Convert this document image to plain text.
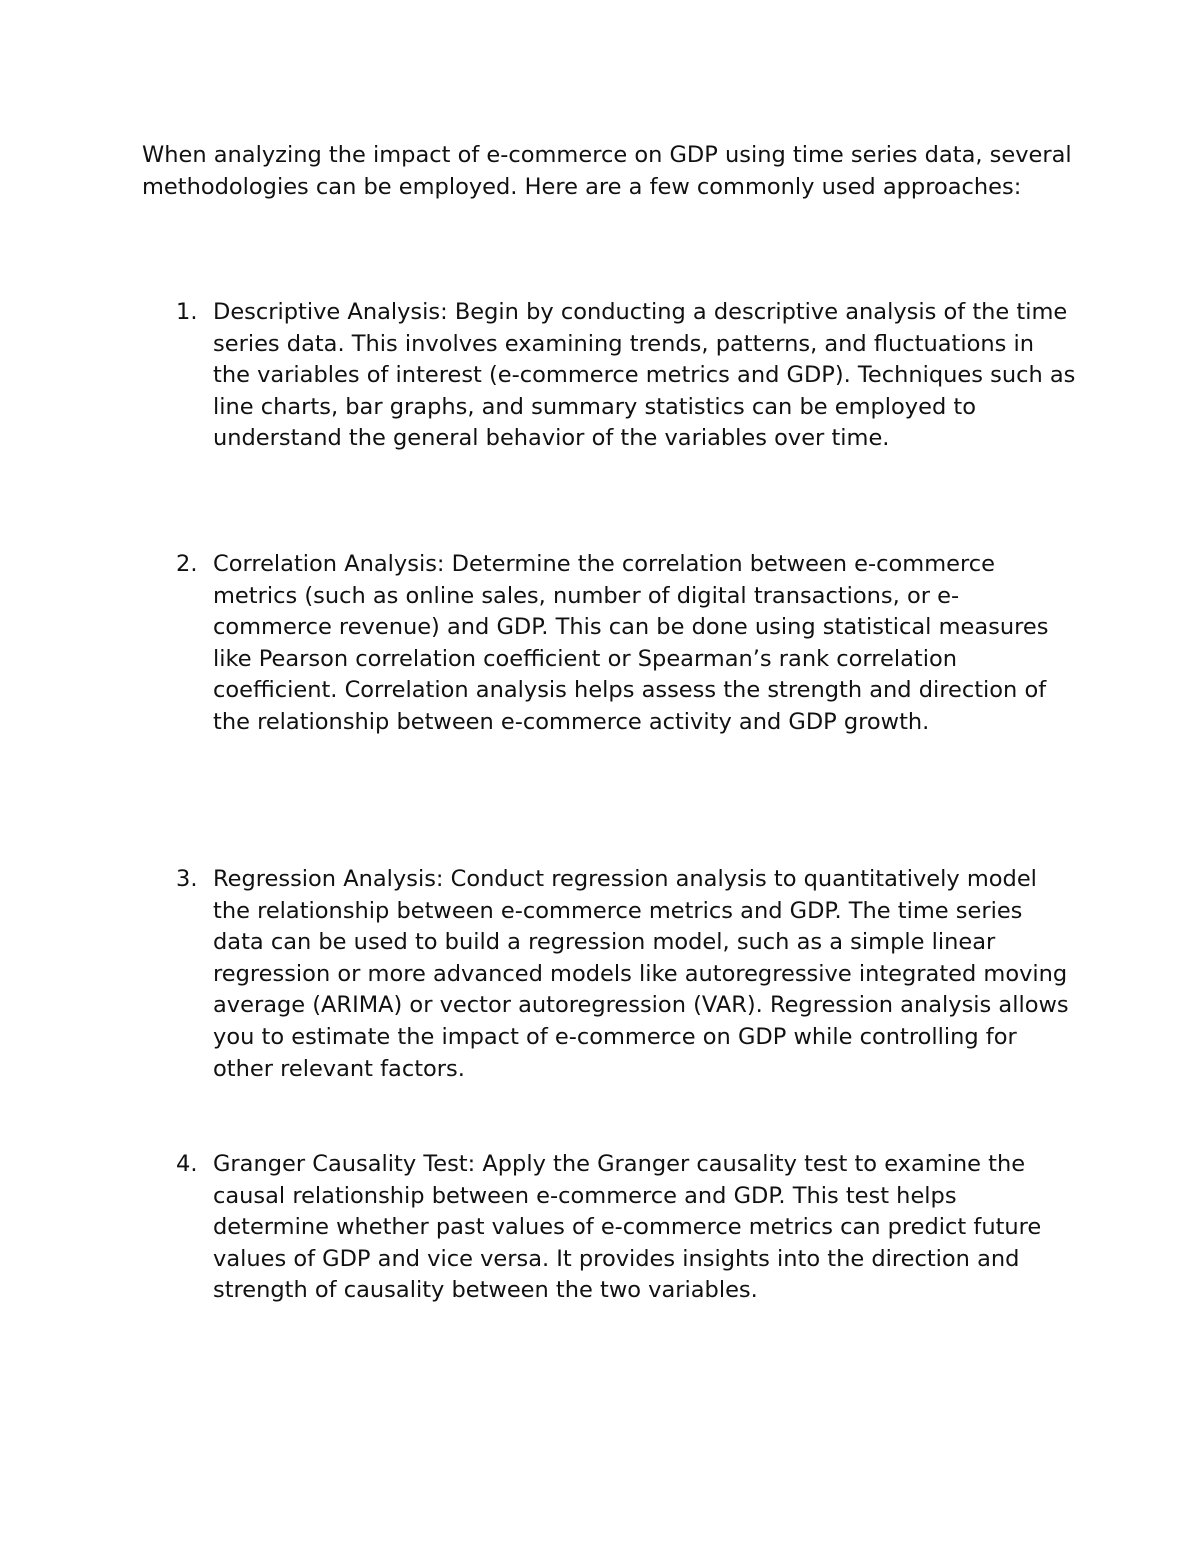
When analyzing the impact of e-commerce on GDP using time series data, several methodologies can be employed. Here are a few commonly used approaches:

1. Descriptive Analysis: Begin by conducting a descriptive analysis of the time series data. This involves examining trends, patterns, and fluctuations in the variables of interest (e-commerce metrics and GDP). Techniques such as line charts, bar graphs, and summary statistics can be employed to understand the general behavior of the variables over time.
2. Correlation Analysis: Determine the correlation between e-commerce metrics (such as online sales, number of digital transactions, or e-commerce revenue) and GDP. This can be done using statistical measures like Pearson correlation coefficient or Spearman’s rank correlation coefficient. Correlation analysis helps assess the strength and direction of the relationship between e-commerce activity and GDP growth.
3. Regression Analysis: Conduct regression analysis to quantitatively model the relationship between e-commerce metrics and GDP. The time series data can be used to build a regression model, such as a simple linear regression or more advanced models like autoregressive integrated moving average (ARIMA) or vector autoregression (VAR). Regression analysis allows you to estimate the impact of e-commerce on GDP while controlling for other relevant factors.
4. Granger Causality Test: Apply the Granger causality test to examine the causal relationship between e-commerce and GDP. This test helps determine whether past values of e-commerce metrics can predict future values of GDP and vice versa. It provides insights into the direction and strength of causality between the two variables.
